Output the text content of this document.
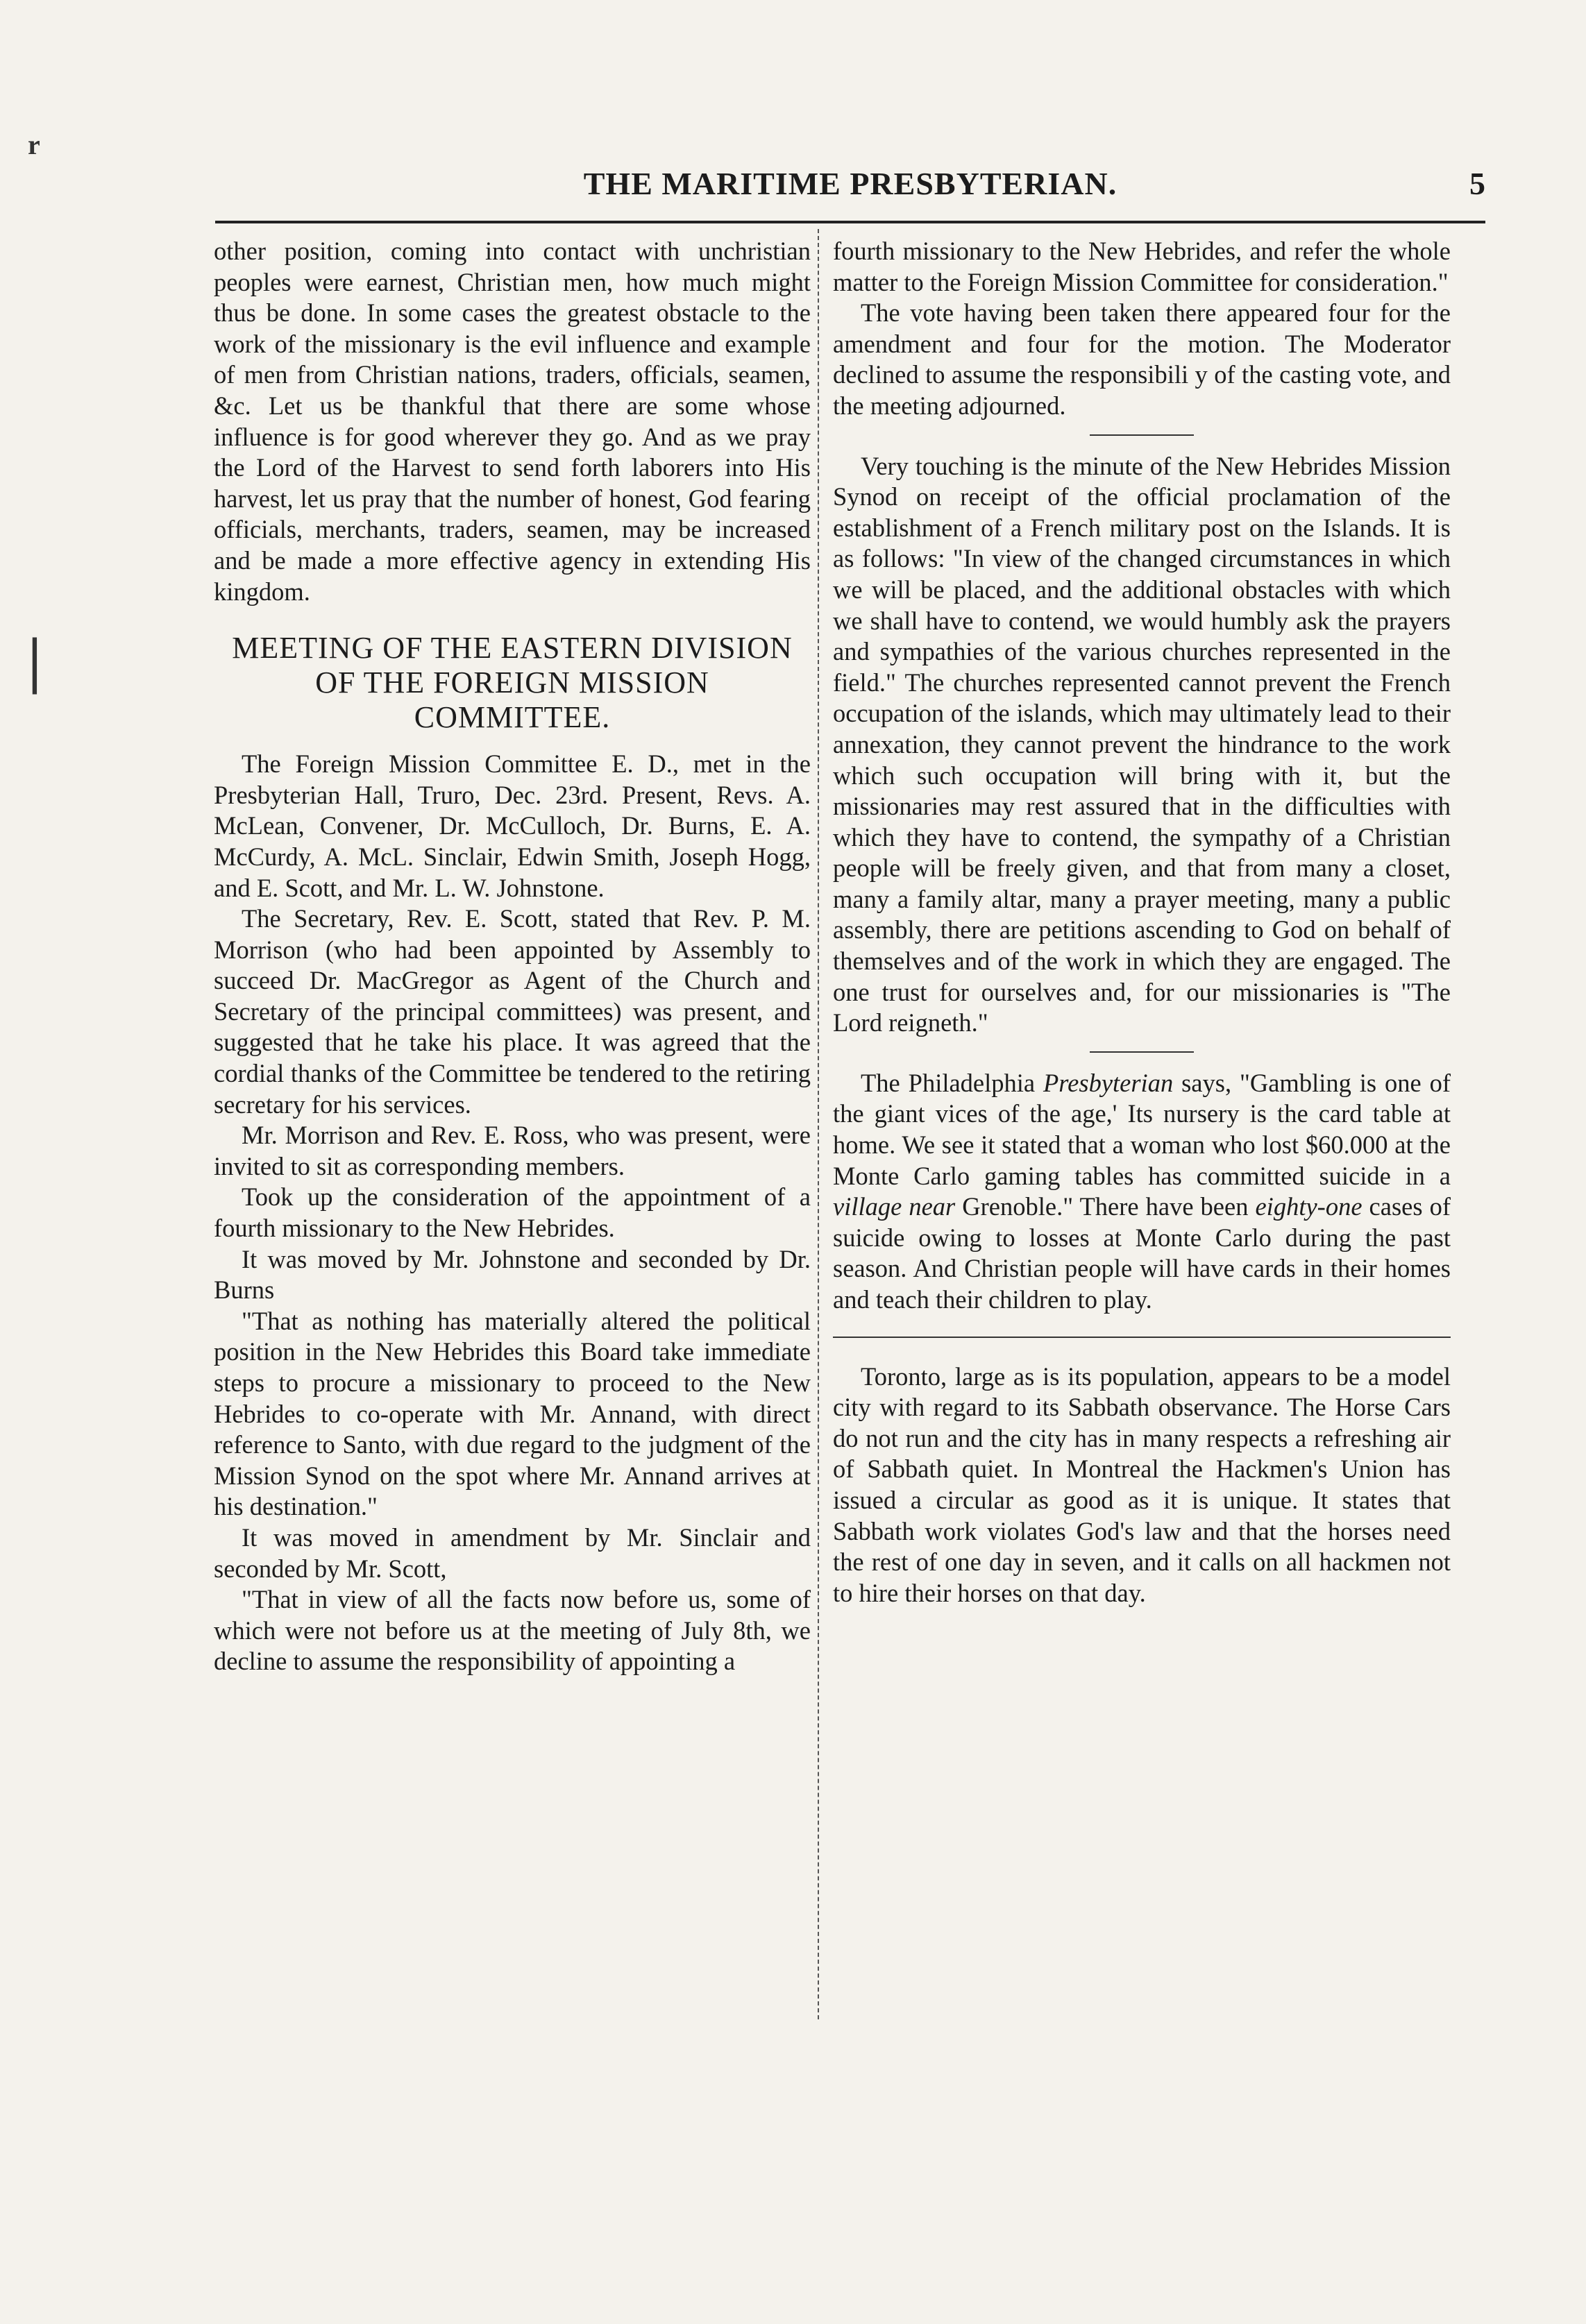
r
|
THE MARITIME PRESBYTERIAN.	5

other position, coming into contact with unchristian peoples were earnest, Christian men, how much might thus be done. In some cases the greatest obstacle to the work of the missionary is the evil influence and example of men from Christian nations, traders, officials, seamen, &c. Let us be thankful that there are some whose influence is for good wherever they go. And as we pray the Lord of the Harvest to send forth laborers into His harvest, let us pray that the number of honest, God fearing officials, merchants, traders, seamen, may be increased and be made a more effective agency in extending His kingdom.

MEETING OF THE EASTERN DIVISION OF THE FOREIGN MISSION COMMITTEE.

The Foreign Mission Committee E. D., met in the Presbyterian Hall, Truro, Dec. 23rd. Present, Revs. A. McLean, Convener, Dr. McCulloch, Dr. Burns, E. A. McCurdy, A. McL. Sinclair, Edwin Smith, Joseph Hogg, and E. Scott, and Mr. L. W. Johnstone.

The Secretary, Rev. E. Scott, stated that Rev. P. M. Morrison (who had been appointed by Assembly to succeed Dr. MacGregor as Agent of the Church and Secretary of the principal committees) was present, and suggested that he take his place. It was agreed that the cordial thanks of the Committee be tendered to the retiring secretary for his services.

Mr. Morrison and Rev. E. Ross, who was present, were invited to sit as corresponding members.

Took up the consideration of the appointment of a fourth missionary to the New Hebrides.

It was moved by Mr. Johnstone and seconded by Dr. Burns

"That as nothing has materially altered the political position in the New Hebrides this Board take immediate steps to procure a missionary to proceed to the New Hebrides to co-operate with Mr. Annand, with direct reference to Santo, with due regard to the judgment of the Mission Synod on the spot where Mr. Annand arrives at his destination."

It was moved in amendment by Mr. Sinclair and seconded by Mr. Scott,

"That in view of all the facts now before us, some of which were not before us at the meeting of July 8th, we decline to assume the responsibility of appointing a

fourth missionary to the New Hebrides, and refer the whole matter to the Foreign Mission Committee for consideration."

The vote having been taken there appeared four for the amendment and four for the motion. The Moderator declined to assume the responsibili y of the casting vote, and the meeting adjourned.

Very touching is the minute of the New Hebrides Mission Synod on receipt of the official proclamation of the establishment of a French military post on the Islands. It is as follows: "In view of the changed circumstances in which we will be placed, and the additional obstacles with which we shall have to contend, we would humbly ask the prayers and sympathies of the various churches represented in the field." The churches represented cannot prevent the French occupation of the islands, which may ultimately lead to their annexation, they cannot prevent the hindrance to the work which such occupation will bring with it, but the missionaries may rest assured that in the difficulties with which they have to contend, the sympathy of a Christian people will be freely given, and that from many a closet, many a family altar, many a prayer meeting, many a public assembly, there are petitions ascending to God on behalf of themselves and of the work in which they are engaged. The one trust for ourselves and, for our missionaries is "The Lord reigneth."

The Philadelphia Presbyterian says, "Gambling is one of the giant vices of the age,' Its nursery is the card table at home. We see it stated that a woman who lost $60.000 at the Monte Carlo gaming tables has committed suicide in a village near Grenoble." There have been eighty-one cases of suicide owing to losses at Monte Carlo during the past season. And Christian people will have cards in their homes and teach their children to play.

Toronto, large as is its population, appears to be a model city with regard to its Sabbath observance. The Horse Cars do not run and the city has in many respects a refreshing air of Sabbath quiet. In Montreal the Hackmen's Union has issued a circular as good as it is unique. It states that Sabbath work violates God's law and that the horses need the rest of one day in seven, and it calls on all hackmen not to hire their horses on that day.
